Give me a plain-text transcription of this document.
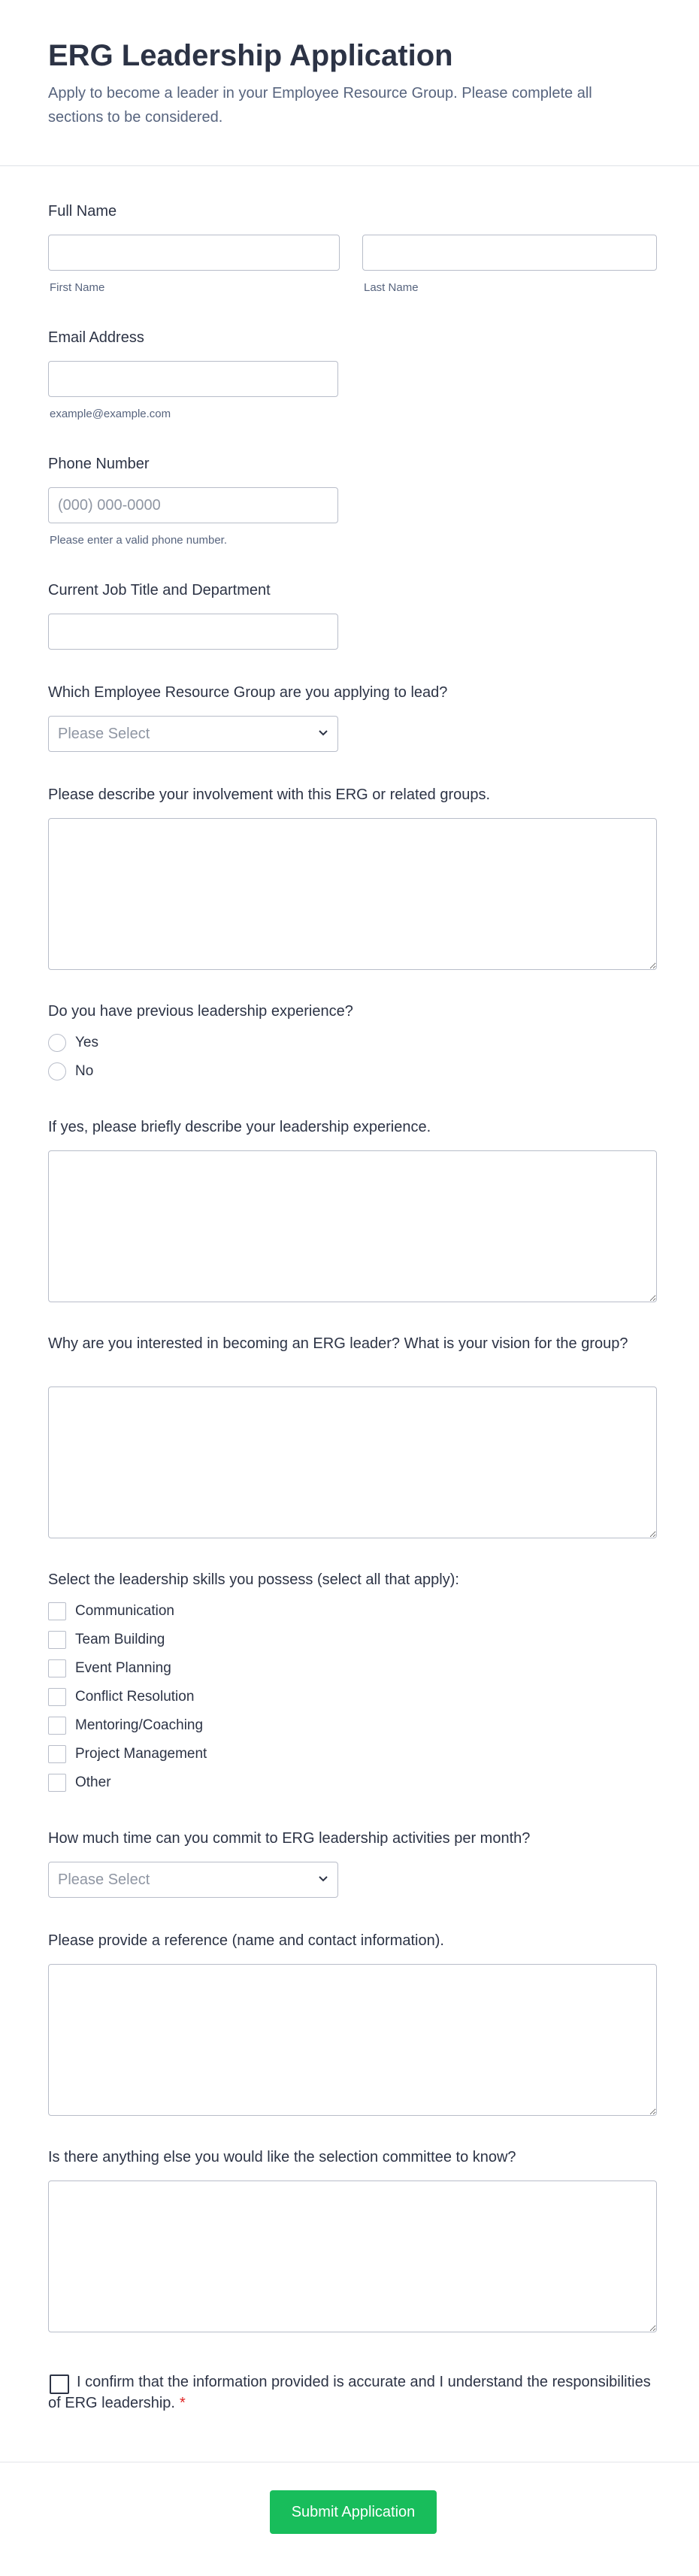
ERG Leadership Application
Apply to become a leader in your Employee Resource Group. Please complete all sections to be considered.
Full Name
First Name	Last Name
Email Address
example@example.com
Phone Number
(000) 000-0000
Please enter a valid phone number.
Current Job Title and Department
Which Employee Resource Group are you applying to lead?
Please Select
Please describe your involvement with this ERG or related groups.
Do you have previous leadership experience?
Yes
No
If yes, please briefly describe your leadership experience.
Why are you interested in becoming an ERG leader? What is your vision for the group?
Select the leadership skills you possess (select all that apply):
Communication
Team Building
Event Planning
Conflict Resolution
Mentoring/Coaching
Project Management
Other
How much time can you commit to ERG leadership activities per month?
Please Select
Please provide a reference (name and contact information).
Is there anything else you would like the selection committee to know?
I confirm that the information provided is accurate and I understand the responsibilities of ERG leadership. *
Submit Application
